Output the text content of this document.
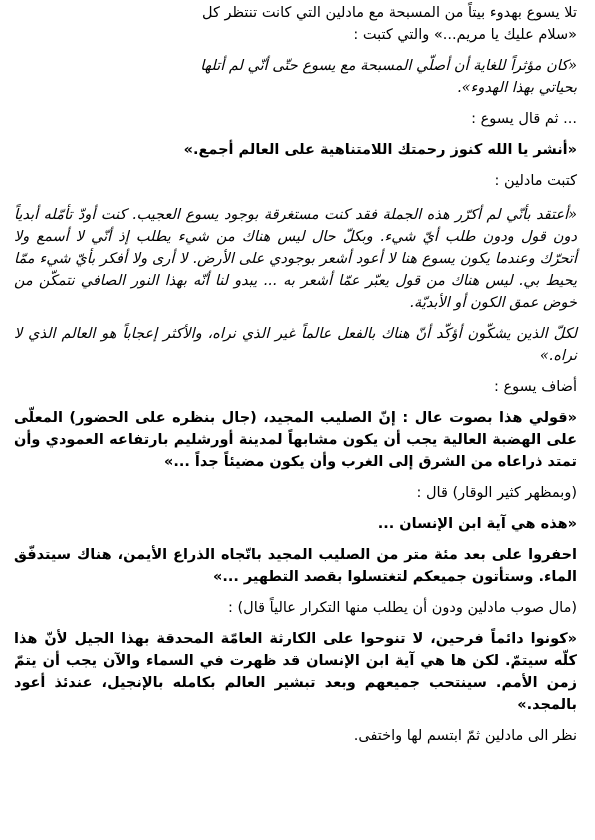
تلا يسوع بهدوء بيتاً من المسبحة مع مادلين التي كانت تنتظر كل
«سلام عليك يا مريم...» والتي كتبت :

«كان مؤثراً للغاية أن أصلّي المسبحة مع يسوع حتّى أنّي لم أتلها
بحياتي بهذا الهدوء».

... ثم قال يسوع :

«أنشر يا الله كنوز رحمتك اللامتناهية على العالم أجمع.»

كتبت مادلين :

«أعتقد بأنّي لم أكرّر هذه الجملة فقد كنت مستغرقة بوجود يسوع العجيب. كنت أودّ تأمّله أبدياً دون قول ودون طلب أيّ شيء. وبكلّ حال ليس هناك من شيء يطلب إذ أنّي لا أسمع ولا أتحرّك وعندما يكون يسوع هنا لا أعود أشعر بوجودي على الأرض. لا أرى ولا أفكر بأيّ شيء ممّا يحيط بي. ليس هناك من قول يعبّر عمّا أشعر به ... يبدو لنا أنّه بهذا النور الصافي نتمكّن من خوض عمق الكون أو الأبديّة.

لكلّ الذين يشكّون أؤكّد أنّ هناك بالفعل عالماً غير الذي نراه، والأكثر إعجاباً هو العالم الذي لا نراه.»

أضاف يسوع :

«قولي هذا بصوت عال : إنّ الصليب المجيد، (جال بنظره على الحضور) المعلّى على الهضبة العالية يجب أن يكون مشابهاً لمدينة أورشليم بارتفاعه العمودي وأن تمتد ذراعاه من الشرق إلى الغرب وأن يكون مضيئاً جداً ...»

(وبمظهر كثير الوقار) قال :

«هذه هي آية ابن الإنسان ...

احفروا على بعد مئة متر من الصليب المجيد باتّجاه الذراع الأيمن، هناك سيتدفّق الماء. وستأتون جميعكم لتغتسلوا بقصد التطهير ...»

(مال صوب مادلين ودون أن يطلب منها التكرار عالياً قال) :

«كونوا دائماً فرحين، لا تنوحوا على الكارثة العامّة المحدقة بهذا الجيل لأنّ هذا كلّه سيتمّ. لكن ها هي آية ابن الإنسان قد ظهرت في السماء والآن يجب أن يتمّ زمن الأمم. سينتحب جميعهم وبعد تبشير العالم بكامله بالإنجيل، عندئذ أعود بالمجد.»

نظر الى مادلين ثمّ ابتسم لها واختفى.
